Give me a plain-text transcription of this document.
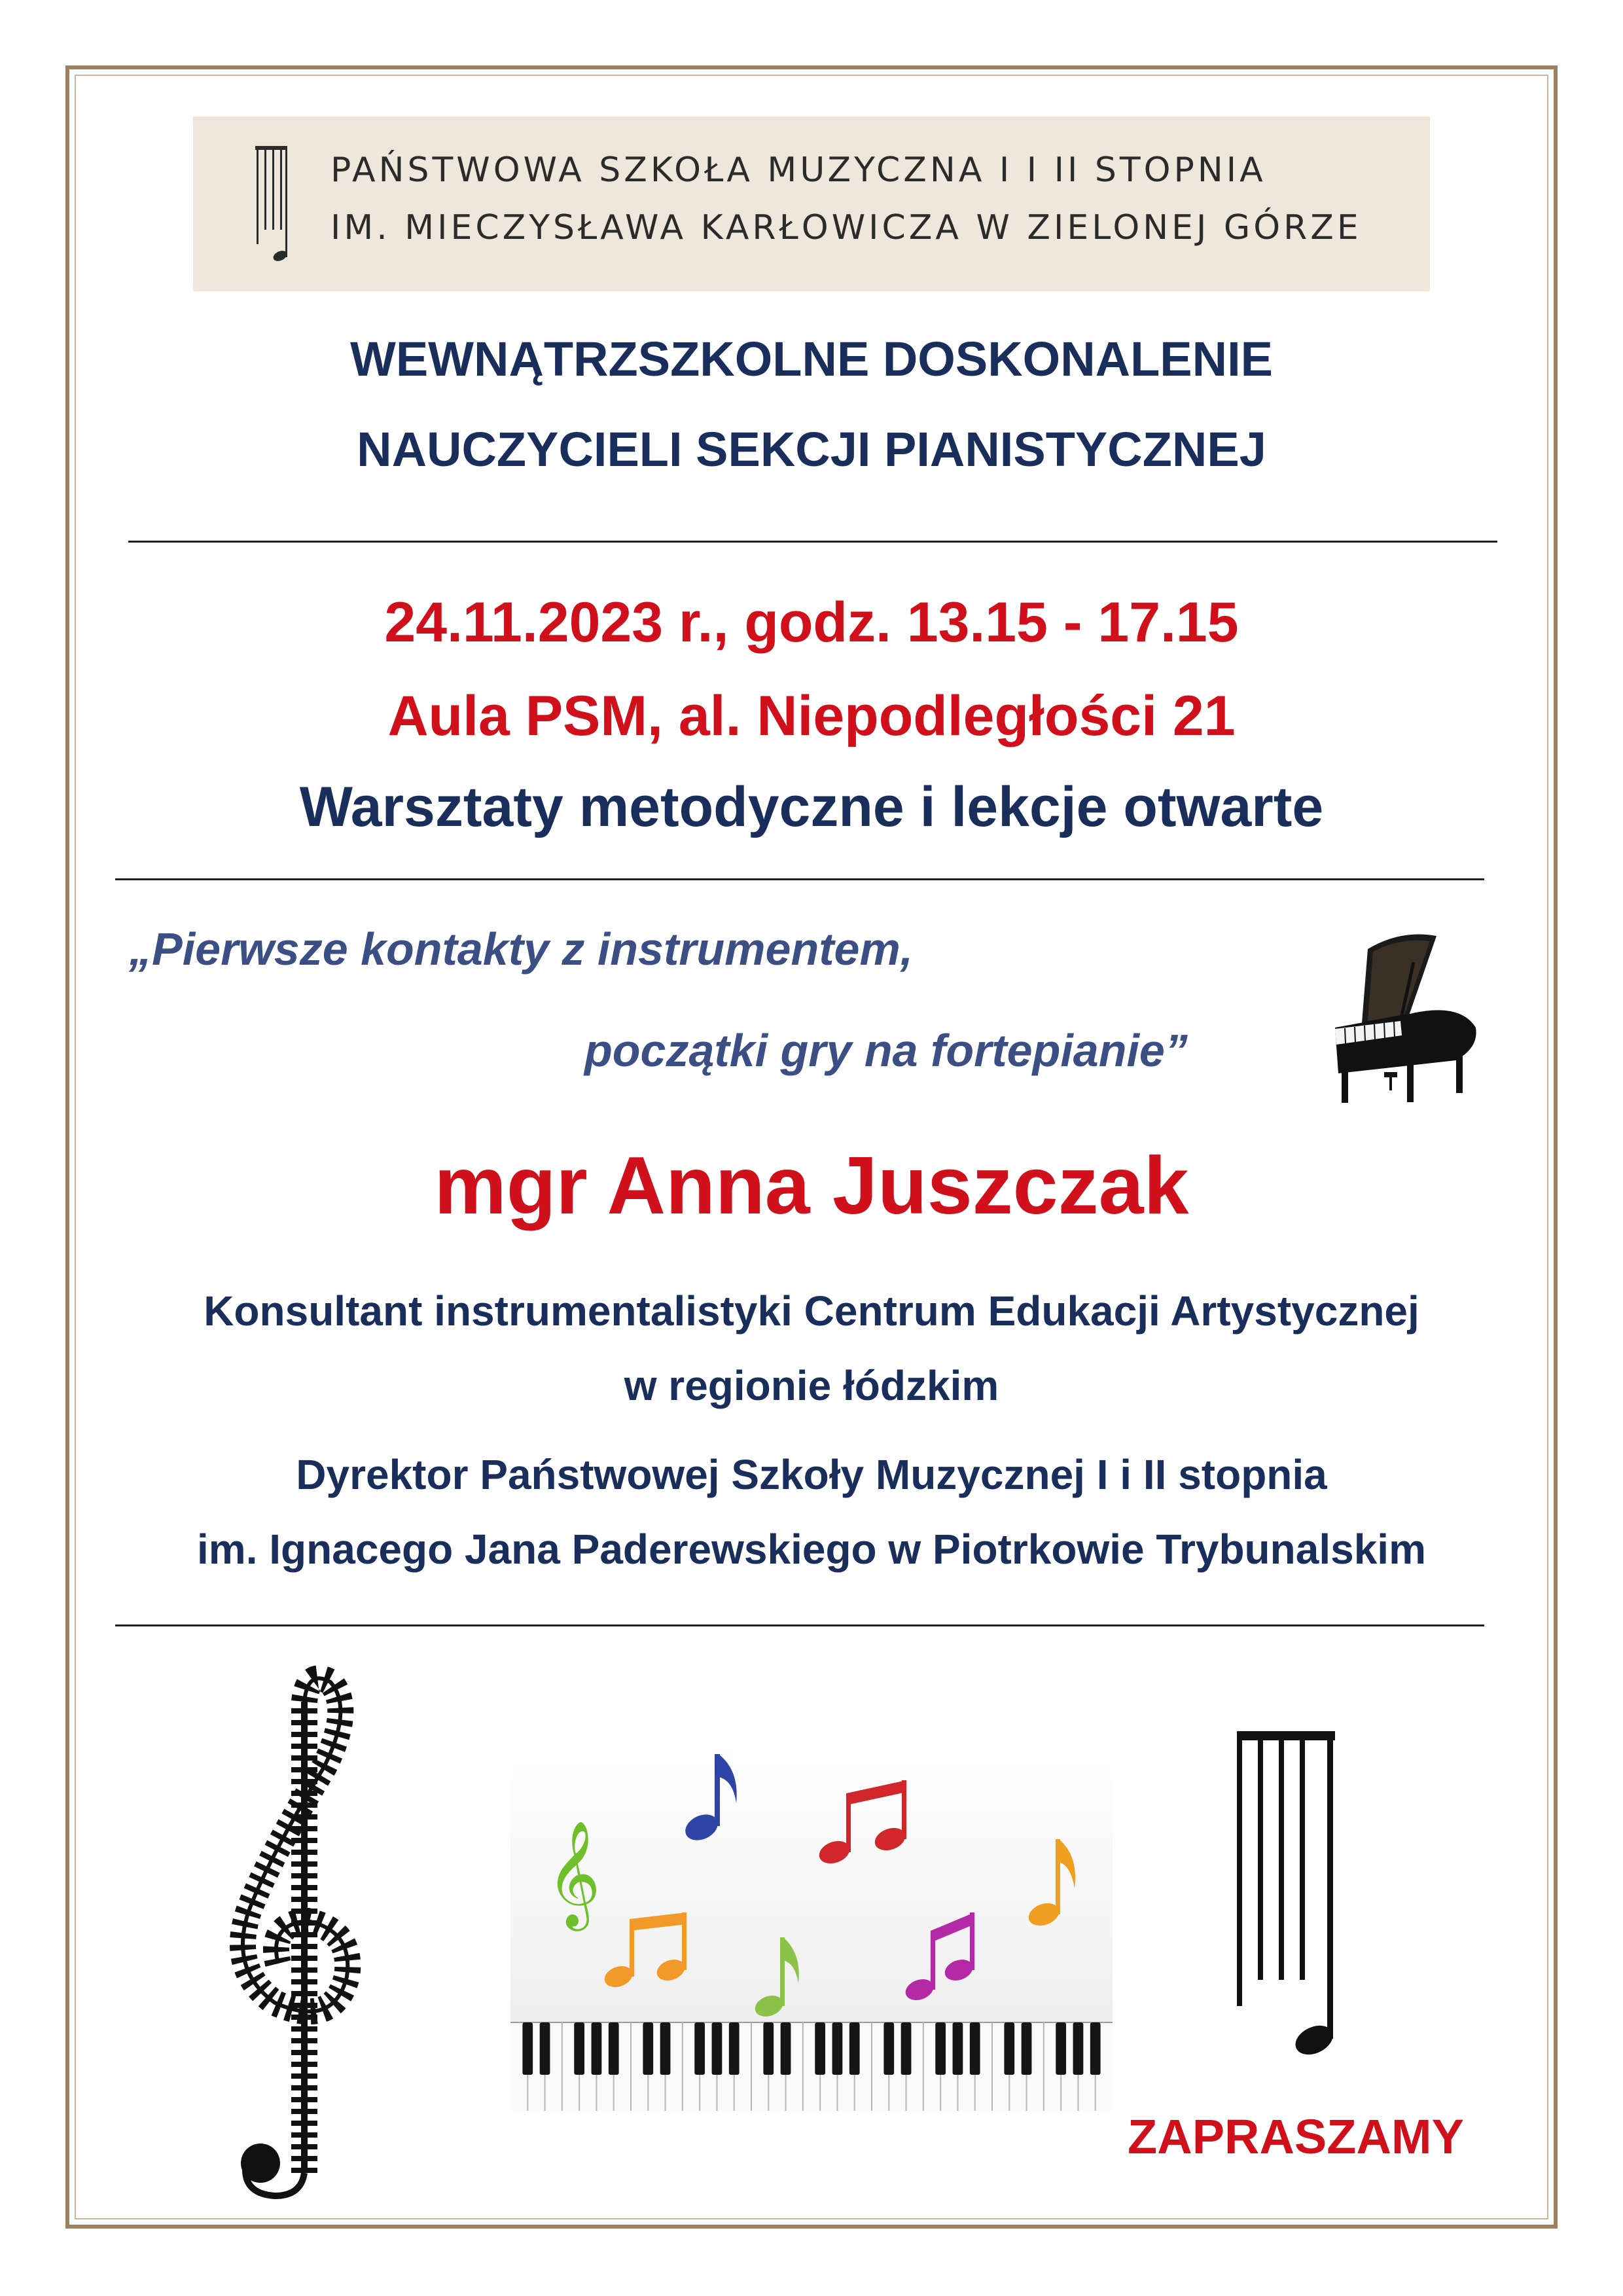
PAŃSTWOWA SZKOŁA MUZYCZNA I I II STOPNIA
IM. MIECZYSŁAWA KARŁOWICZA W ZIELONEJ GÓRZE
WEWNĄTRZSZKOLNE DOSKONALENIE
NAUCZYCIELI SEKCJI PIANISTYCZNEJ
24.11.2023 r., godz. 13.15 - 17.15
Aula PSM, al. Niepodległości 21
Warsztaty metodyczne i lekcje otwarte
„Pierwsze kontakty z instrumentem,
początki gry na fortepianie”
mgr Anna Juszczak
Konsultant instrumentalistyki Centrum Edukacji Artystycznej
w regionie łódzkim
Dyrektor Państwowej Szkoły Muzycznej I i II stopnia
im. Ignacego Jana Paderewskiego w Piotrkowie Trybunalskim
𝄞
ZAPRASZAMY
